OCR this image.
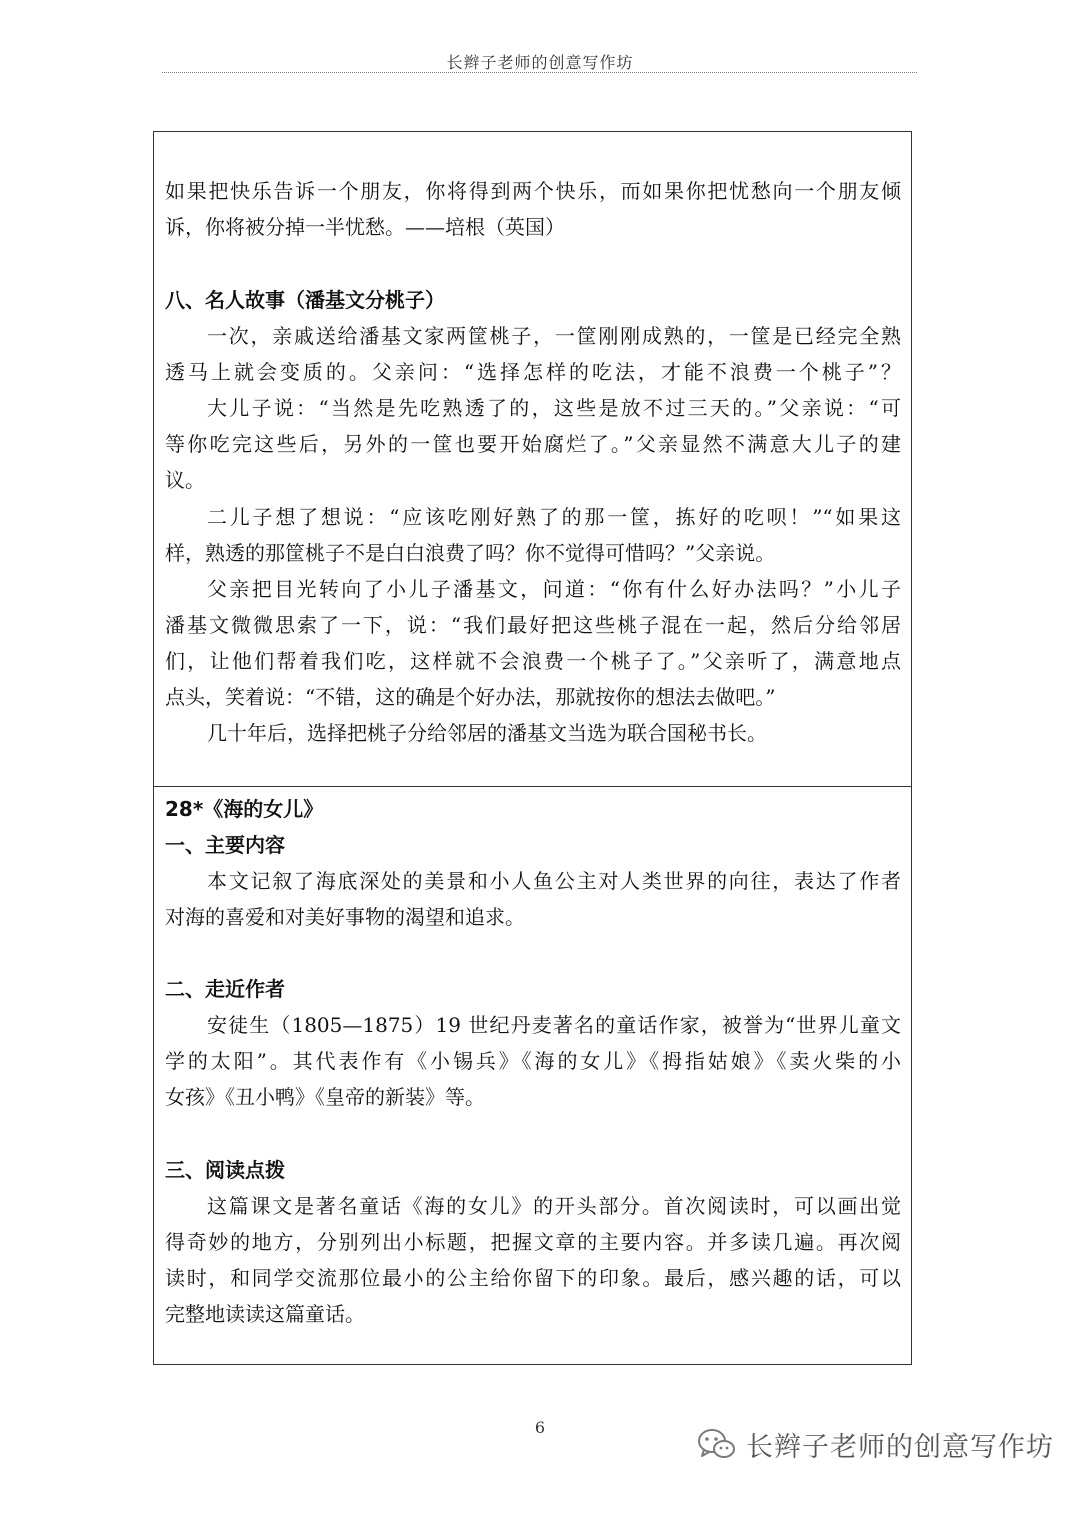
长辫子老师的创意写作坊
如果把快乐告诉一个朋友，你将得到两个快乐，而如果你把忧愁向一个朋友倾
诉，你将被分掉一半忧愁。——培根（英国）
八、名人故事（潘基文分桃子）
一次，亲戚送给潘基文家两筐桃子，一筐刚刚成熟的，一筐是已经完全熟
透马上就会变质的。父亲问：“选择怎样的吃法，才能不浪费一个桃子”？
大儿子说：“当然是先吃熟透了的，这些是放不过三天的。”父亲说：“可
等你吃完这些后，另外的一筐也要开始腐烂了。”父亲显然不满意大儿子的建
议。
二儿子想了想说：“应该吃刚好熟了的那一筐，拣好的吃呗！”“如果这
样，熟透的那筐桃子不是白白浪费了吗？你不觉得可惜吗？”父亲说。
父亲把目光转向了小儿子潘基文，问道：“你有什么好办法吗？”小儿子
潘基文微微思索了一下，说：“我们最好把这些桃子混在一起，然后分给邻居
们，让他们帮着我们吃，这样就不会浪费一个桃子了。”父亲听了，满意地点
点头，笑着说：“不错，这的确是个好办法，那就按你的想法去做吧。”
几十年后，选择把桃子分给邻居的潘基文当选为联合国秘书长。
28*《海的女儿》
一、主要内容
本文记叙了海底深处的美景和小人鱼公主对人类世界的向往，表达了作者
对海的喜爱和对美好事物的渴望和追求。
二、走近作者
安徒生（1805—1875）19 世纪丹麦著名的童话作家，被誉为“世界儿童文
学的太阳”。其代表作有《小锡兵》《海的女儿》《拇指姑娘》《卖火柴的小
女孩》《丑小鸭》《皇帝的新装》等。
三、阅读点拨
这篇课文是著名童话《海的女儿》的开头部分。首次阅读时，可以画出觉
得奇妙的地方，分别列出小标题，把握文章的主要内容。并多读几遍。再次阅
读时，和同学交流那位最小的公主给你留下的印象。最后，感兴趣的话，可以
完整地读读这篇童话。
6
长辫子老师的创意写作坊
